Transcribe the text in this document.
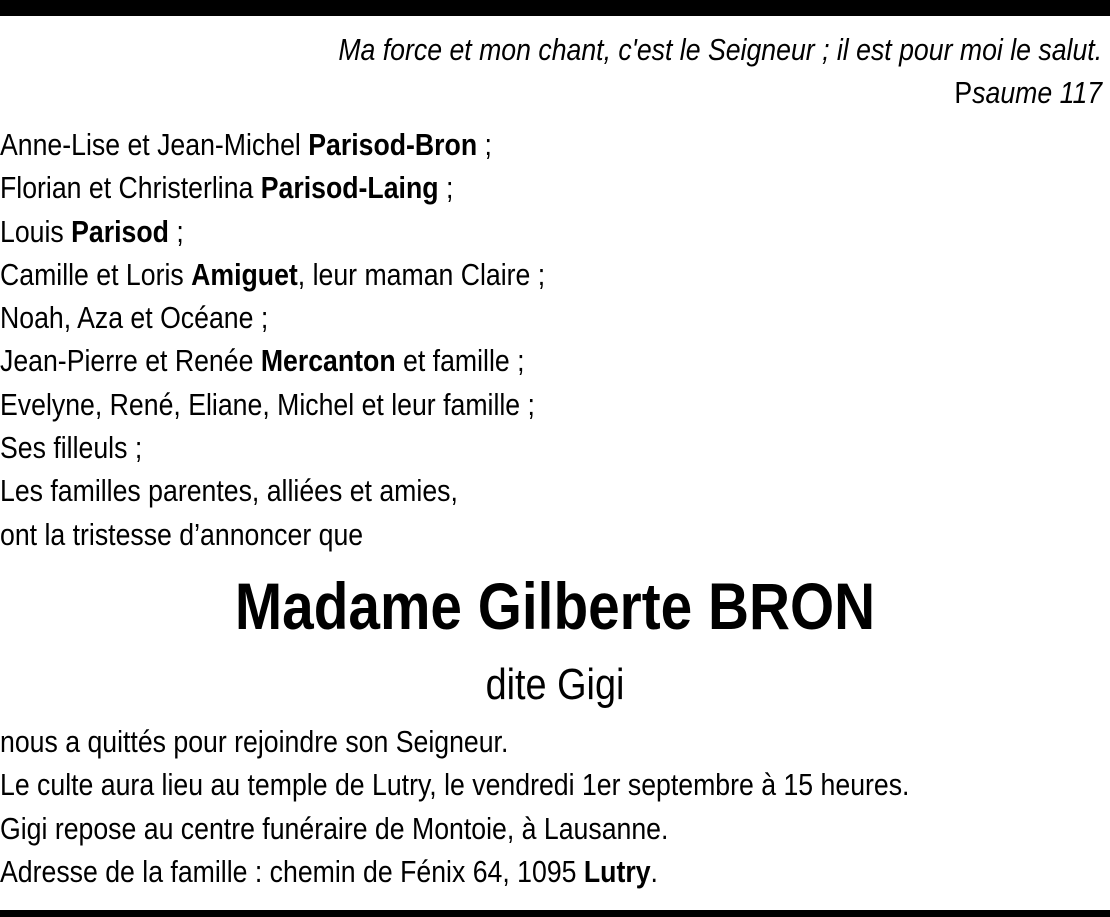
Ma force et mon chant, c'est le Seigneur ; il est pour moi le salut.
Psaume 117
Anne-Lise et Jean-Michel Parisod-Bron ;
Florian et Christerlina Parisod-Laing ;
Louis Parisod ;
Camille et Loris Amiguet, leur maman Claire ;
Noah, Aza et Océane ;
Jean-Pierre et Renée Mercanton et famille ;
Evelyne, René, Eliane, Michel et leur famille ;
Ses filleuls ;
Les familles parentes, alliées et amies,
ont la tristesse d’annoncer que
Madame Gilberte BRON
dite Gigi
nous a quittés pour rejoindre son Seigneur.
Le culte aura lieu au temple de Lutry, le vendredi 1er septembre à 15 heures.
Gigi repose au centre funéraire de Montoie, à Lausanne.
Adresse de la famille : chemin de Fénix 64, 1095 Lutry.
